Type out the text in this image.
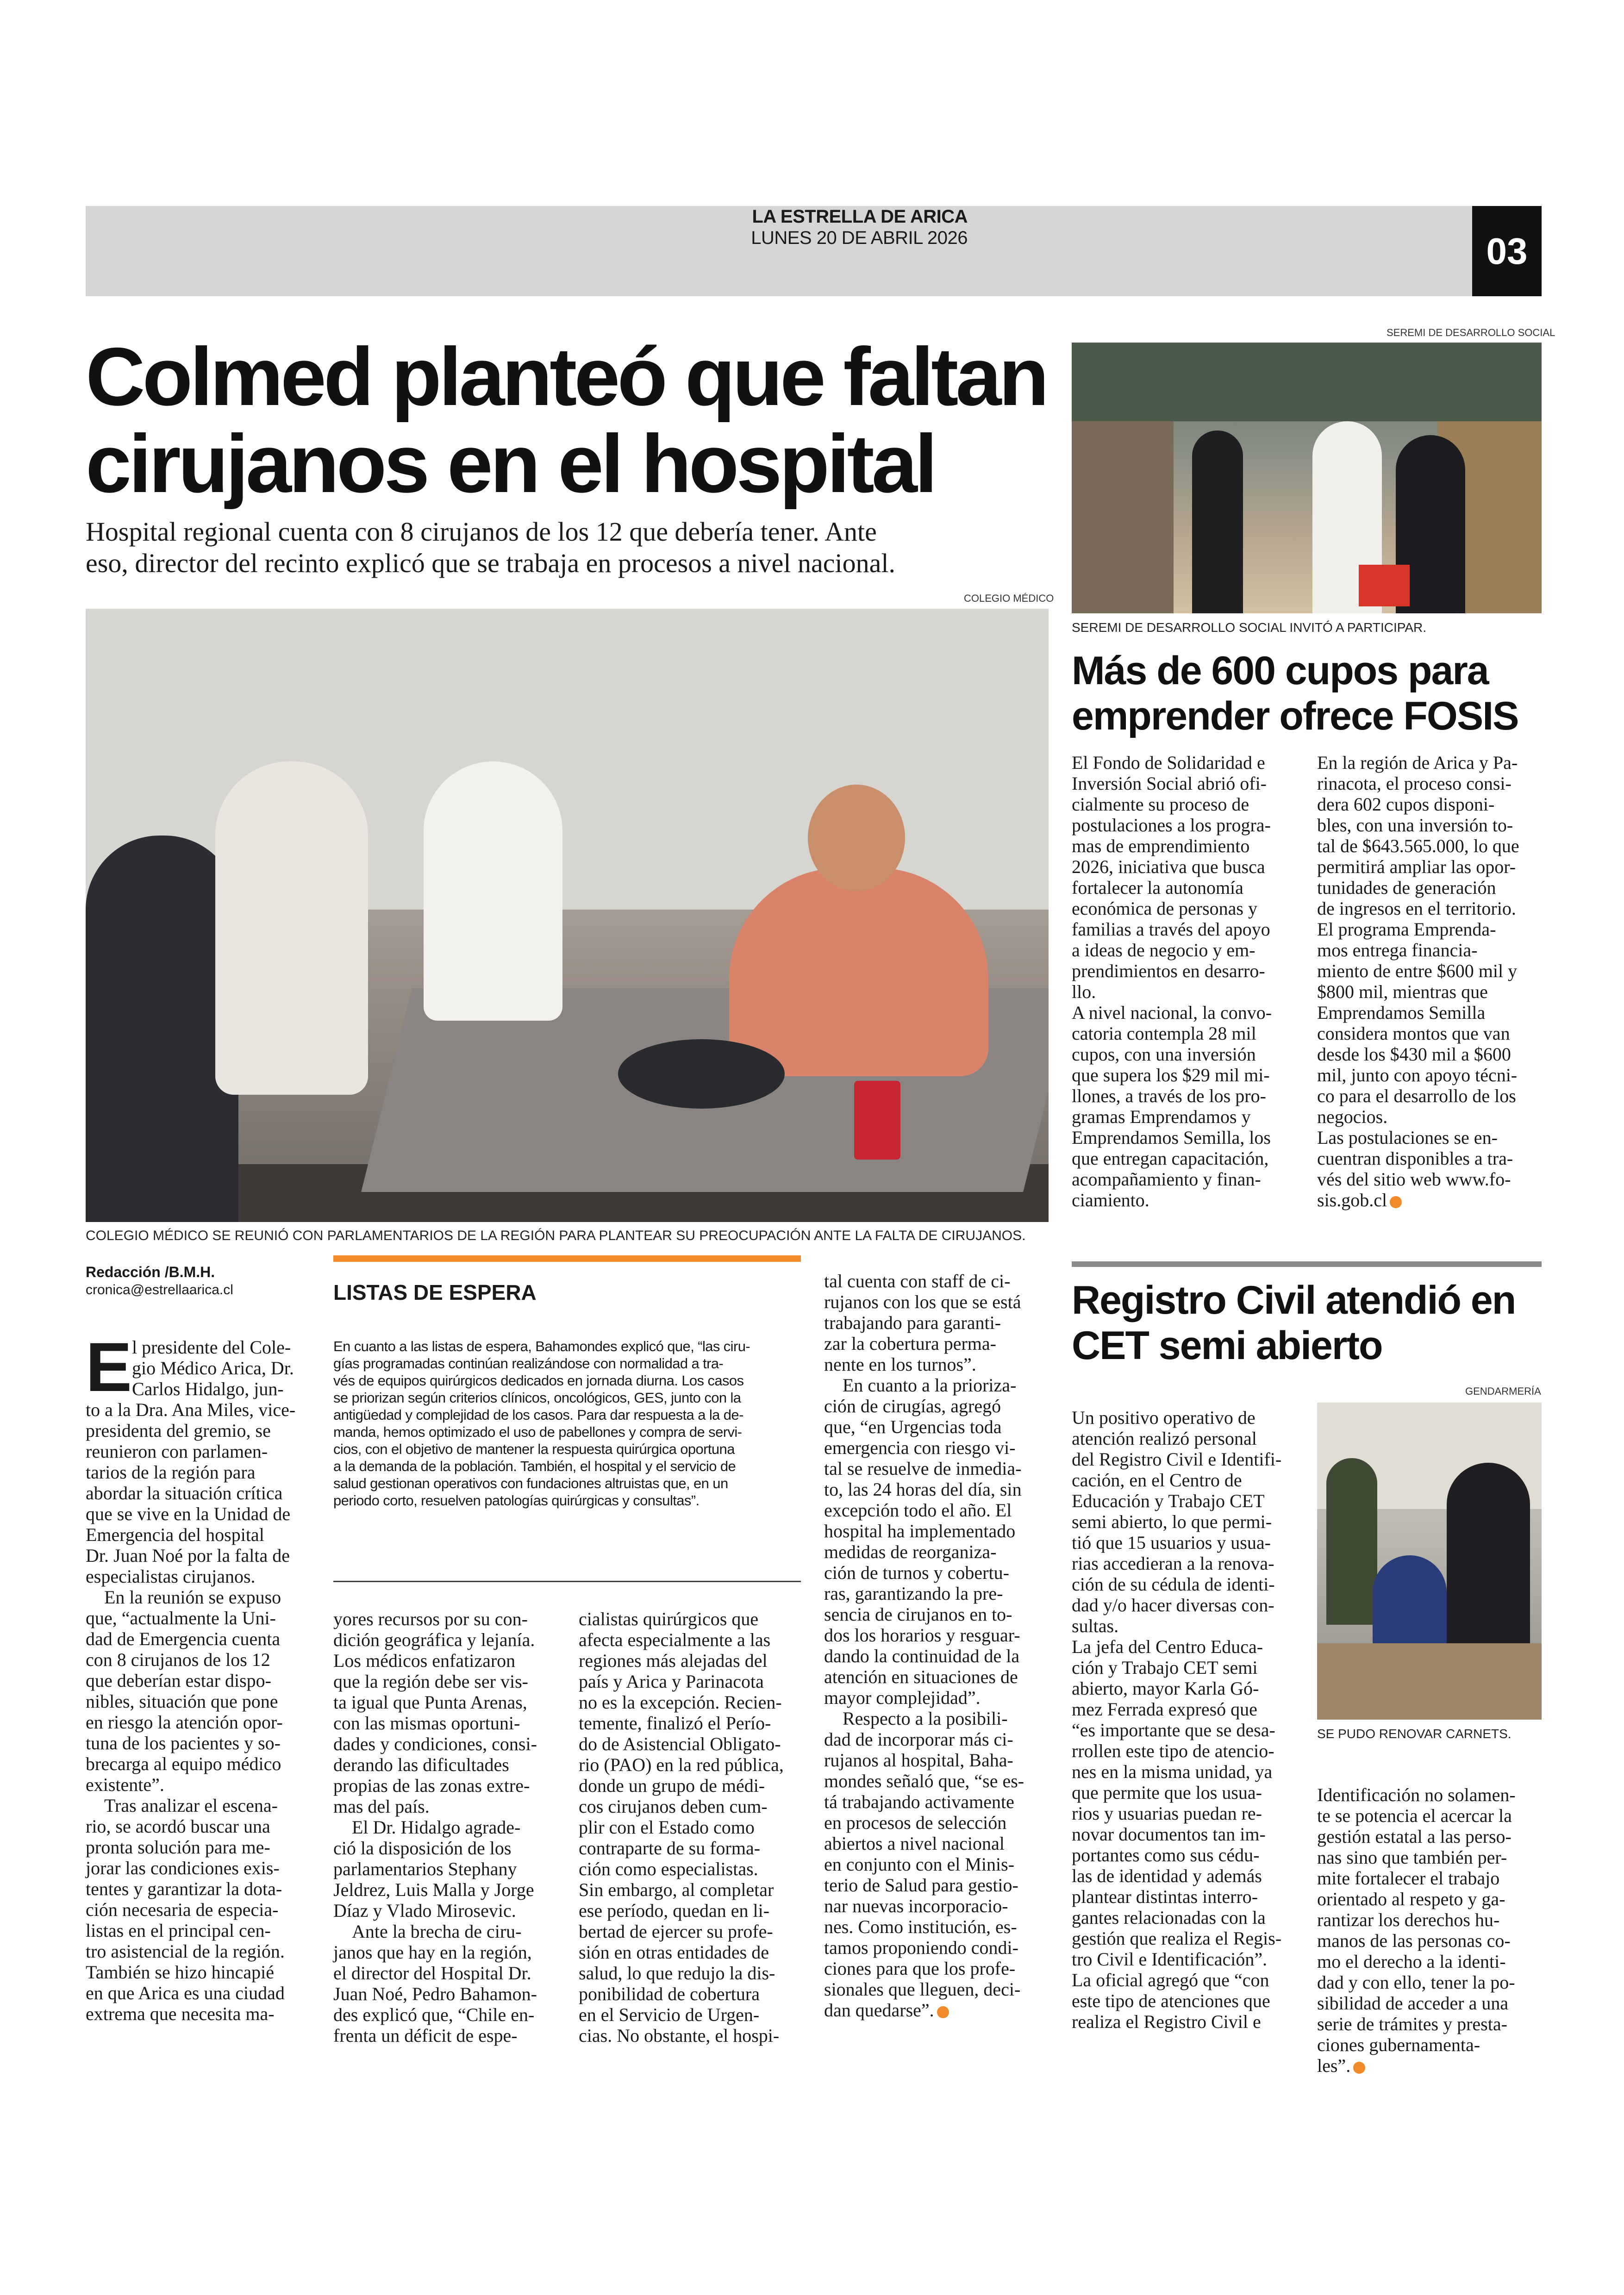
LA ESTRELLA DE ARICA
LUNES 20 DE ABRIL 2026	03
Colmed planteó que faltan
cirujanos en el hospital
Hospital regional cuenta con 8 cirujanos de los 12 que debería tener. Ante
eso, director del recinto explicó que se trabaja en procesos a nivel nacional.
COLEGIO MÉDICO
COLEGIO MÉDICO SE REUNIÓ CON PARLAMENTARIOS DE LA REGIÓN PARA PLANTEAR SU PREOCUPACIÓN ANTE LA FALTA DE CIRUJANOS.
Redacción /B.M.H.
cronica@estrellaarica.cl
E l presidente del Cole-
gio Médico Arica, Dr.
Carlos Hidalgo, jun-
to a la Dra. Ana Miles, vice-
presidenta del gremio, se
reunieron con parlamen-
tarios de la región para
abordar la situación crítica
que se vive en la Unidad de
Emergencia del hospital
Dr. Juan Noé por la falta de
especialistas cirujanos.
En la reunión se expuso
que, “actualmente la Uni-
dad de Emergencia cuenta
con 8 cirujanos de los 12
que deberían estar dispo-
nibles, situación que pone
en riesgo la atención opor-
tuna de los pacientes y so-
brecarga al equipo médico
existente”.
Tras analizar el escena-
rio, se acordó buscar una
pronta solución para me-
jorar las condiciones exis-
tentes y garantizar la dota-
ción necesaria de especia-
listas en el principal cen-
tro asistencial de la región.
También se hizo hincapié
en que Arica es una ciudad
extrema que necesita ma-
LISTAS DE ESPERA
En cuanto a las listas de espera, Bahamondes explicó que, “las ciru-
gías programadas continúan realizándose con normalidad a tra-
vés de equipos quirúrgicos dedicados en jornada diurna. Los casos
se priorizan según criterios clínicos, oncológicos, GES, junto con la
antigüedad y complejidad de los casos. Para dar respuesta a la de-
manda, hemos optimizado el uso de pabellones y compra de servi-
cios, con el objetivo de mantener la respuesta quirúrgica oportuna
a la demanda de la población. También, el hospital y el servicio de
salud gestionan operativos con fundaciones altruistas que, en un
periodo corto, resuelven patologías quirúrgicas y consultas”.
yores recursos por su con-
dición geográfica y lejanía.
Los médicos enfatizaron
que la región debe ser vis-
ta igual que Punta Arenas,
con las mismas oportuni-
dades y condiciones, consi-
derando las dificultades
propias de las zonas extre-
mas del país.
El Dr. Hidalgo agrade-
ció la disposición de los
parlamentarios Stephany
Jeldrez, Luis Malla y Jorge
Díaz y Vlado Mirosevic.
Ante la brecha de ciru-
janos que hay en la región,
el director del Hospital Dr.
Juan Noé, Pedro Bahamon-
des explicó que, “Chile en-
frenta un déficit de espe-
cialistas quirúrgicos que
afecta especialmente a las
regiones más alejadas del
país y Arica y Parinacota
no es la excepción. Recien-
temente, finalizó el Perío-
do de Asistencial Obligato-
rio (PAO) en la red pública,
donde un grupo de médi-
cos cirujanos deben cum-
plir con el Estado como
contraparte de su forma-
ción como especialistas.
Sin embargo, al completar
ese período, quedan en li-
bertad de ejercer su profe-
sión en otras entidades de
salud, lo que redujo la dis-
ponibilidad de cobertura
en el Servicio de Urgen-
cias. No obstante, el hospi-
tal cuenta con staff de ci-
rujanos con los que se está
trabajando para garanti-
zar la cobertura perma-
nente en los turnos”.
En cuanto a la prioriza-
ción de cirugías, agregó
que, “en Urgencias toda
emergencia con riesgo vi-
tal se resuelve de inmedia-
to, las 24 horas del día, sin
excepción todo el año. El
hospital ha implementado
medidas de reorganiza-
ción de turnos y cobertu-
ras, garantizando la pre-
sencia de cirujanos en to-
dos los horarios y resguar-
dando la continuidad de la
atención en situaciones de
mayor complejidad”.
Respecto a la posibili-
dad de incorporar más ci-
rujanos al hospital, Baha-
mondes señaló que, “se es-
tá trabajando activamente
en procesos de selección
abiertos a nivel nacional
en conjunto con el Minis-
terio de Salud para gestio-
nar nuevas incorporacio-
nes. Como institución, es-
tamos proponiendo condi-
ciones para que los profe-
sionales que lleguen, deci-
dan quedarse”.
SEREMI DE DESARROLLO SOCIAL
SEREMI DE DESARROLLO SOCIAL INVITÓ A PARTICIPAR.
Más de 600 cupos para
emprender ofrece FOSIS
El Fondo de Solidaridad e
Inversión Social abrió ofi-
cialmente su proceso de
postulaciones a los progra-
mas de emprendimiento
2026, iniciativa que busca
fortalecer la autonomía
económica de personas y
familias a través del apoyo
a ideas de negocio y em-
prendimientos en desarro-
llo.
A nivel nacional, la convo-
catoria contempla 28 mil
cupos, con una inversión
que supera los $29 mil mi-
llones, a través de los pro-
gramas Emprendamos y
Emprendamos Semilla, los
que entregan capacitación,
acompañamiento y finan-
ciamiento.
En la región de Arica y Pa-
rinacota, el proceso consi-
dera 602 cupos disponi-
bles, con una inversión to-
tal de $643.565.000, lo que
permitirá ampliar las opor-
tunidades de generación
de ingresos en el territorio.
El programa Emprenda-
mos entrega financia-
miento de entre $600 mil y
$800 mil, mientras que
Emprendamos Semilla
considera montos que van
desde los $430 mil a $600
mil, junto con apoyo técni-
co para el desarrollo de los
negocios.
Las postulaciones se en-
cuentran disponibles a tra-
vés del sitio web www.fo-
sis.gob.cl
Registro Civil atendió en
CET semi abierto
GENDARMERÍA
SE PUDO RENOVAR CARNETS.
Un positivo operativo de
atención realizó personal
del Registro Civil e Identifi-
cación, en el Centro de
Educación y Trabajo CET
semi abierto, lo que permi-
tió que 15 usuarios y usua-
rias accedieran a la renova-
ción de su cédula de identi-
dad y/o hacer diversas con-
sultas.
La jefa del Centro Educa-
ción y Trabajo CET semi
abierto, mayor Karla Gó-
mez Ferrada expresó que
“es importante que se desa-
rrollen este tipo de atencio-
nes en la misma unidad, ya
que permite que los usua-
rios y usuarias puedan re-
novar documentos tan im-
portantes como sus cédu-
las de identidad y además
plantear distintas interro-
gantes relacionadas con la
gestión que realiza el Regis-
tro Civil e Identificación”.
La oficial agregó que “con
este tipo de atenciones que
realiza el Registro Civil e
Identificación no solamen-
te se potencia el acercar la
gestión estatal a las perso-
nas sino que también per-
mite fortalecer el trabajo
orientado al respeto y ga-
rantizar los derechos hu-
manos de las personas co-
mo el derecho a la identi-
dad y con ello, tener la po-
sibilidad de acceder a una
serie de trámites y presta-
ciones gubernamenta-
les”.
